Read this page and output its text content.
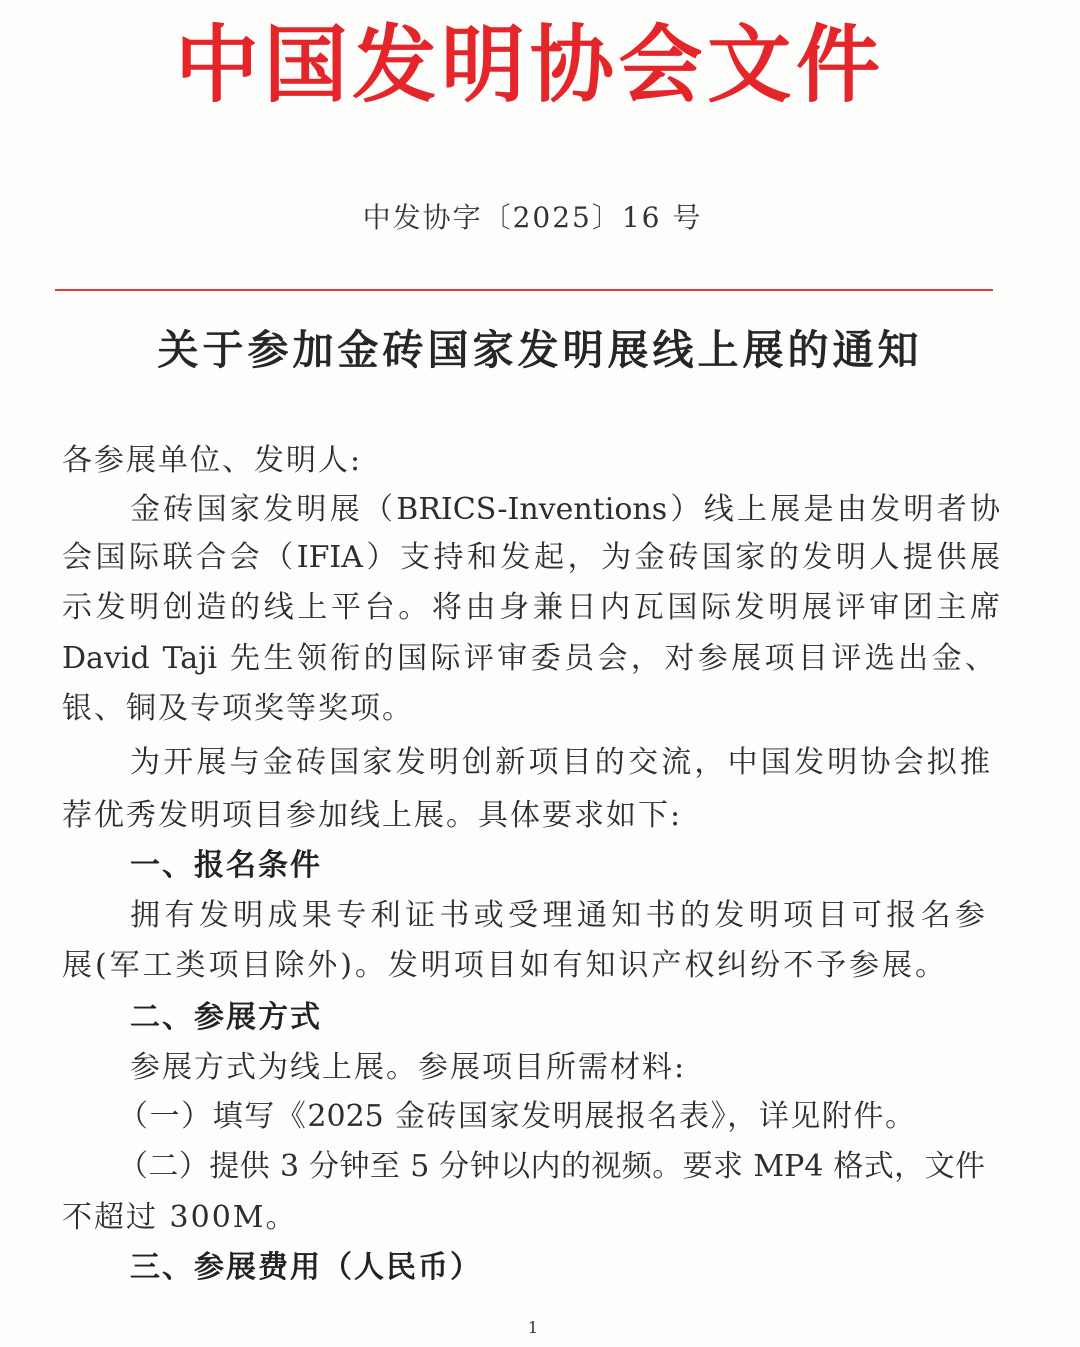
中国发明协会文件
中发协字〔2025〕16 号
关于参加金砖国家发明展线上展的通知
各参展单位、发明人:
金砖国家发明展（BRICS-Inventions）线上展是由发明者协
会国际联合会（IFIA）支持和发起，为金砖国家的发明人提供展
示发明创造的线上平台。将由身兼日内瓦国际发明展评审团主席
David Taji 先生领衔的国际评审委员会，对参展项目评选出金、
银、铜及专项奖等奖项。
为开展与金砖国家发明创新项目的交流，中国发明协会拟推
荐优秀发明项目参加线上展。具体要求如下:
一、报名条件
拥有发明成果专利证书或受理通知书的发明项目可报名参
展(军工类项目除外)。发明项目如有知识产权纠纷不予参展。
二、参展方式
参展方式为线上展。参展项目所需材料:
（一）填写《2025 金砖国家发明展报名表》，详见附件。
（二）提供 3 分钟至 5 分钟以内的视频。要求 MP4 格式，文件
不超过 300M。
三、参展费用（人民币）
1
